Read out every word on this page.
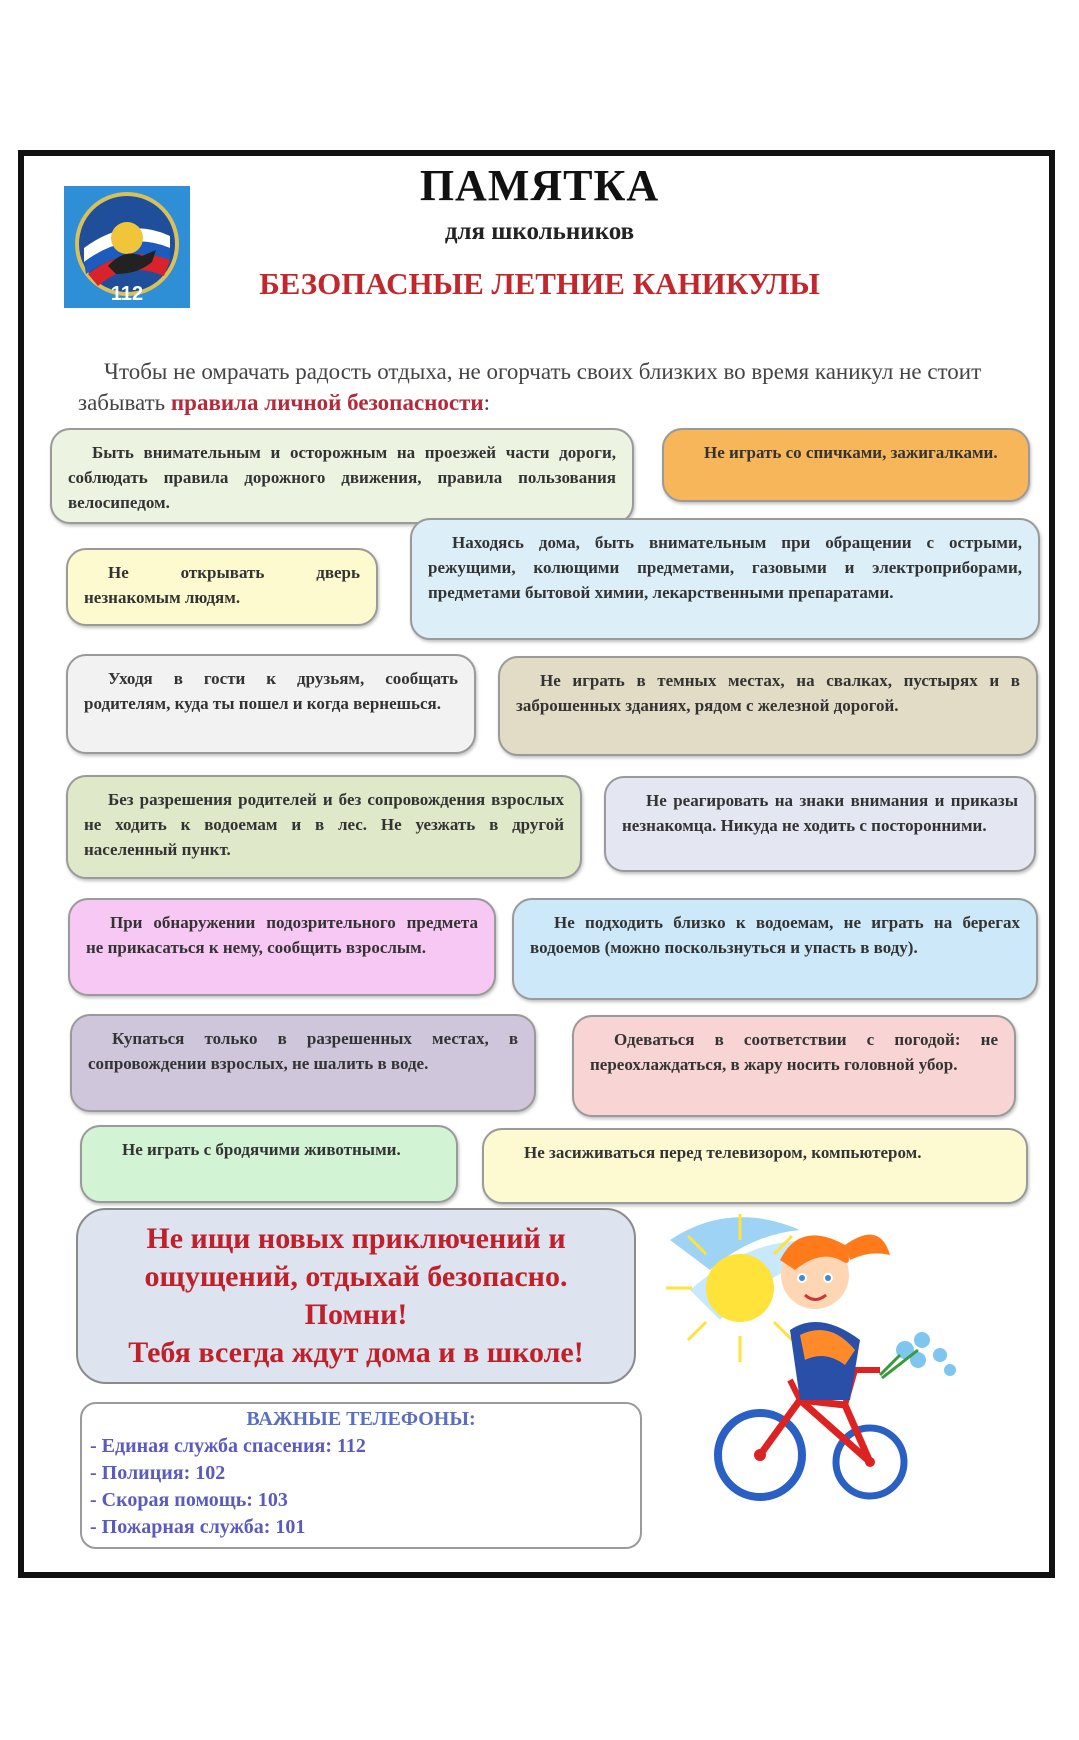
112
ПАМЯТКА
для школьников
БЕЗОПАСНЫЕ ЛЕТНИЕ КАНИКУЛЫ
Чтобы не омрачать радость отдыха, не огорчать своих близких во время каникул не стоит забывать правила личной безопасности:
Быть внимательным и осторожным на проезжей части дороги, соблюдать правила дорожного движения, правила пользования велосипедом.
Не играть со спичками, зажигалками.
Не открывать дверь незнакомым людям.
Находясь дома, быть внимательным при обращении с острыми, режущими, колющими предметами, газовыми и электроприборами, предметами бытовой химии, лекарственными препаратами.
Уходя в гости к друзьям, сообщать родителям, куда ты пошел и когда вернешься.
Не играть в темных местах, на свалках, пустырях и в заброшенных зданиях, рядом с железной дорогой.
Без разрешения родителей и без сопровождения взрослых не ходить к водоемам и в лес. Не уезжать в другой населенный пункт.
Не реагировать на знаки внимания и приказы незнакомца. Никуда не ходить с посторонними.
При обнаружении подозрительного предмета не прикасаться к нему, сообщить взрослым.
Не подходить близко к водоемам, не играть на берегах водоемов (можно поскользнуться и упасть в воду).
Купаться только в разрешенных местах, в сопровождении взрослых, не шалить в воде.
Одеваться в соответствии с погодой: не переохлаждаться, в жару носить головной убор.
Не играть с бродячими животными.	Не засиживаться перед телевизором, компьютером.
Не ищи новых приключений и
ощущений, отдыхай безопасно.
Помни!
Тебя всегда ждут дома и в школе!
ВАЖНЫЕ ТЕЛЕФОНЫ:
- Единая служба спасения: 112
- Полиция: 102
- Скорая помощь: 103
- Пожарная служба: 101
